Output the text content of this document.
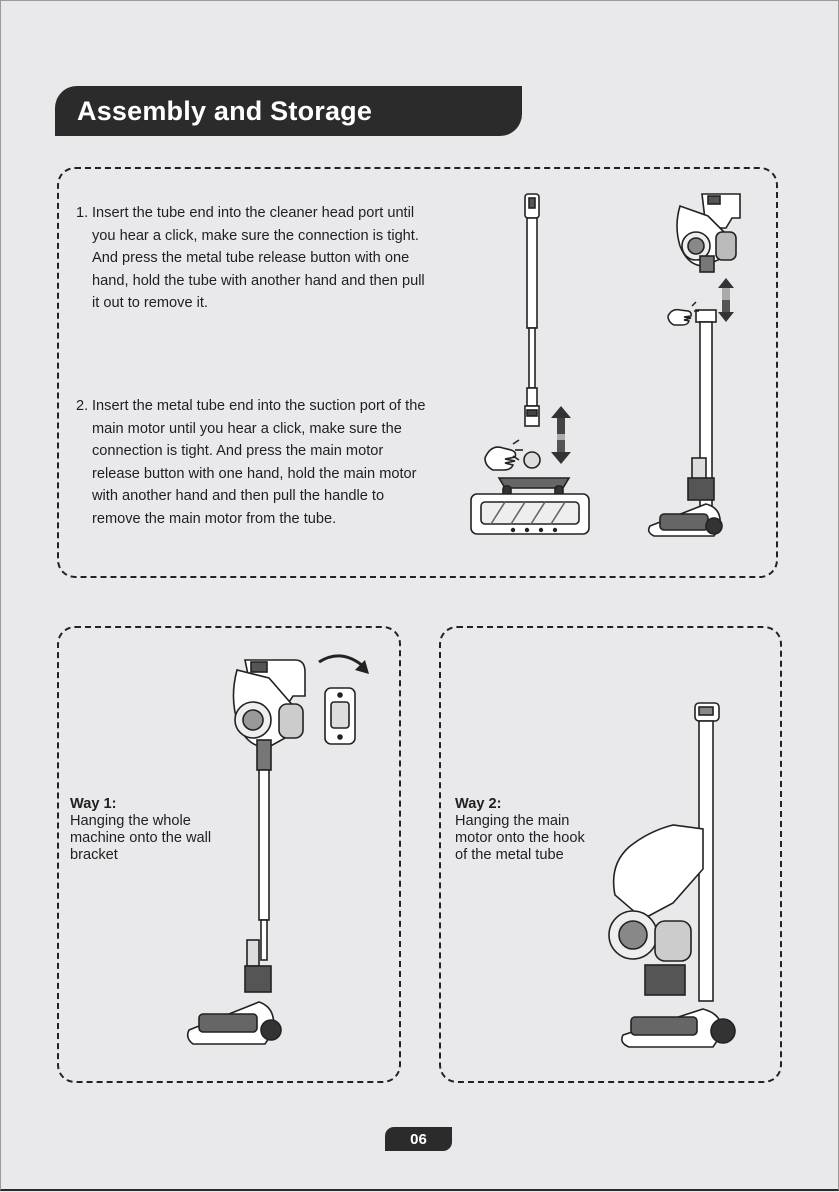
Assembly and Storage
1. Insert the tube end into the cleaner head port until you hear a click, make sure the connection is tight. And press the metal tube release button with one hand, hold the tube with another hand and then pull it out to remove it.
2. Insert the metal tube end into the suction port of the main motor until you hear a click, make sure the connection is tight. And press the main motor release button with one hand, hold the main motor with another hand and then pull the handle to remove the main motor from the tube.
Way 1:
Hanging the whole machine onto the wall bracket
Way 2:
Hanging the main motor onto the hook of the metal tube
06
